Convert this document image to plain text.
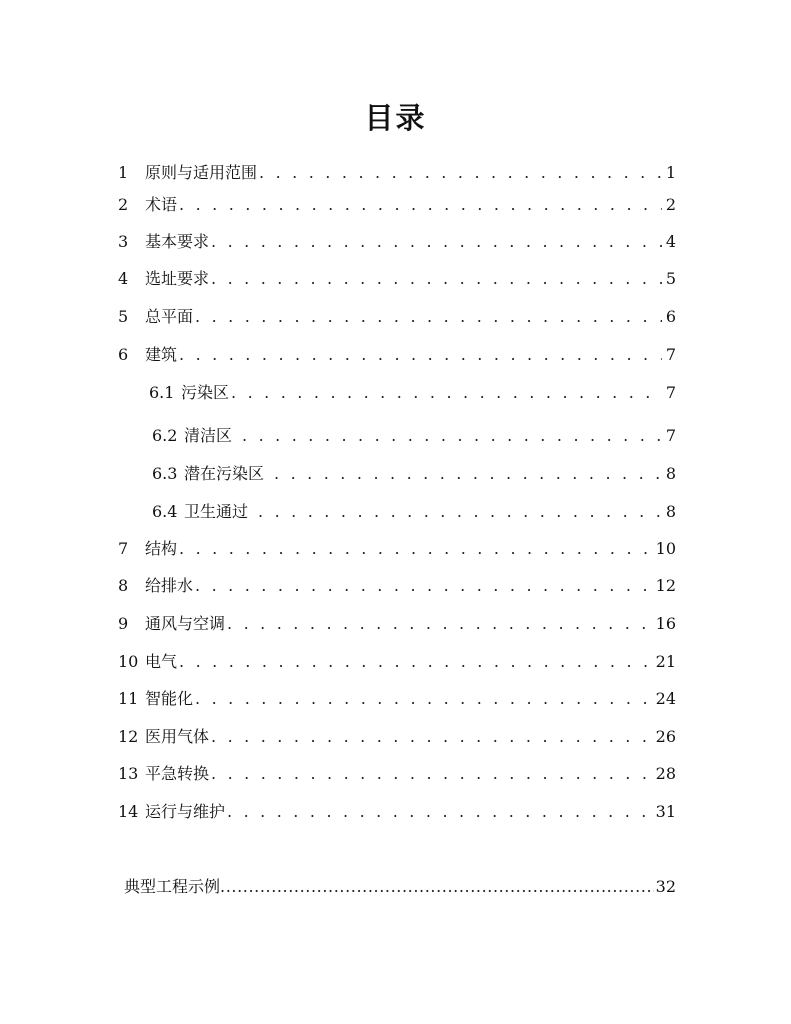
目录
1	原则与适用范围 . . .	1
2	术语 . . .	2
3	基本要求 . . .	4
4	选址要求 . . .	5
5	总平面 . . .	6
6	建筑 . . .	7
6.1 污染区 . . .	7
6.2 清洁区 . . .	7
6.3 潜在污染区 . . .	8
6.4 卫生通过 . . .	8
7	结构 . . .	10
8	给排水 . . .	12
9	通风与空调 . . .	16
10 电气 . . .	21
11 智能化 . . .	24
12 医用气体 . . .	26
13 平急转换 . . .	28
14 运行与维护 . . .	31
典型工程示例 .....	32
